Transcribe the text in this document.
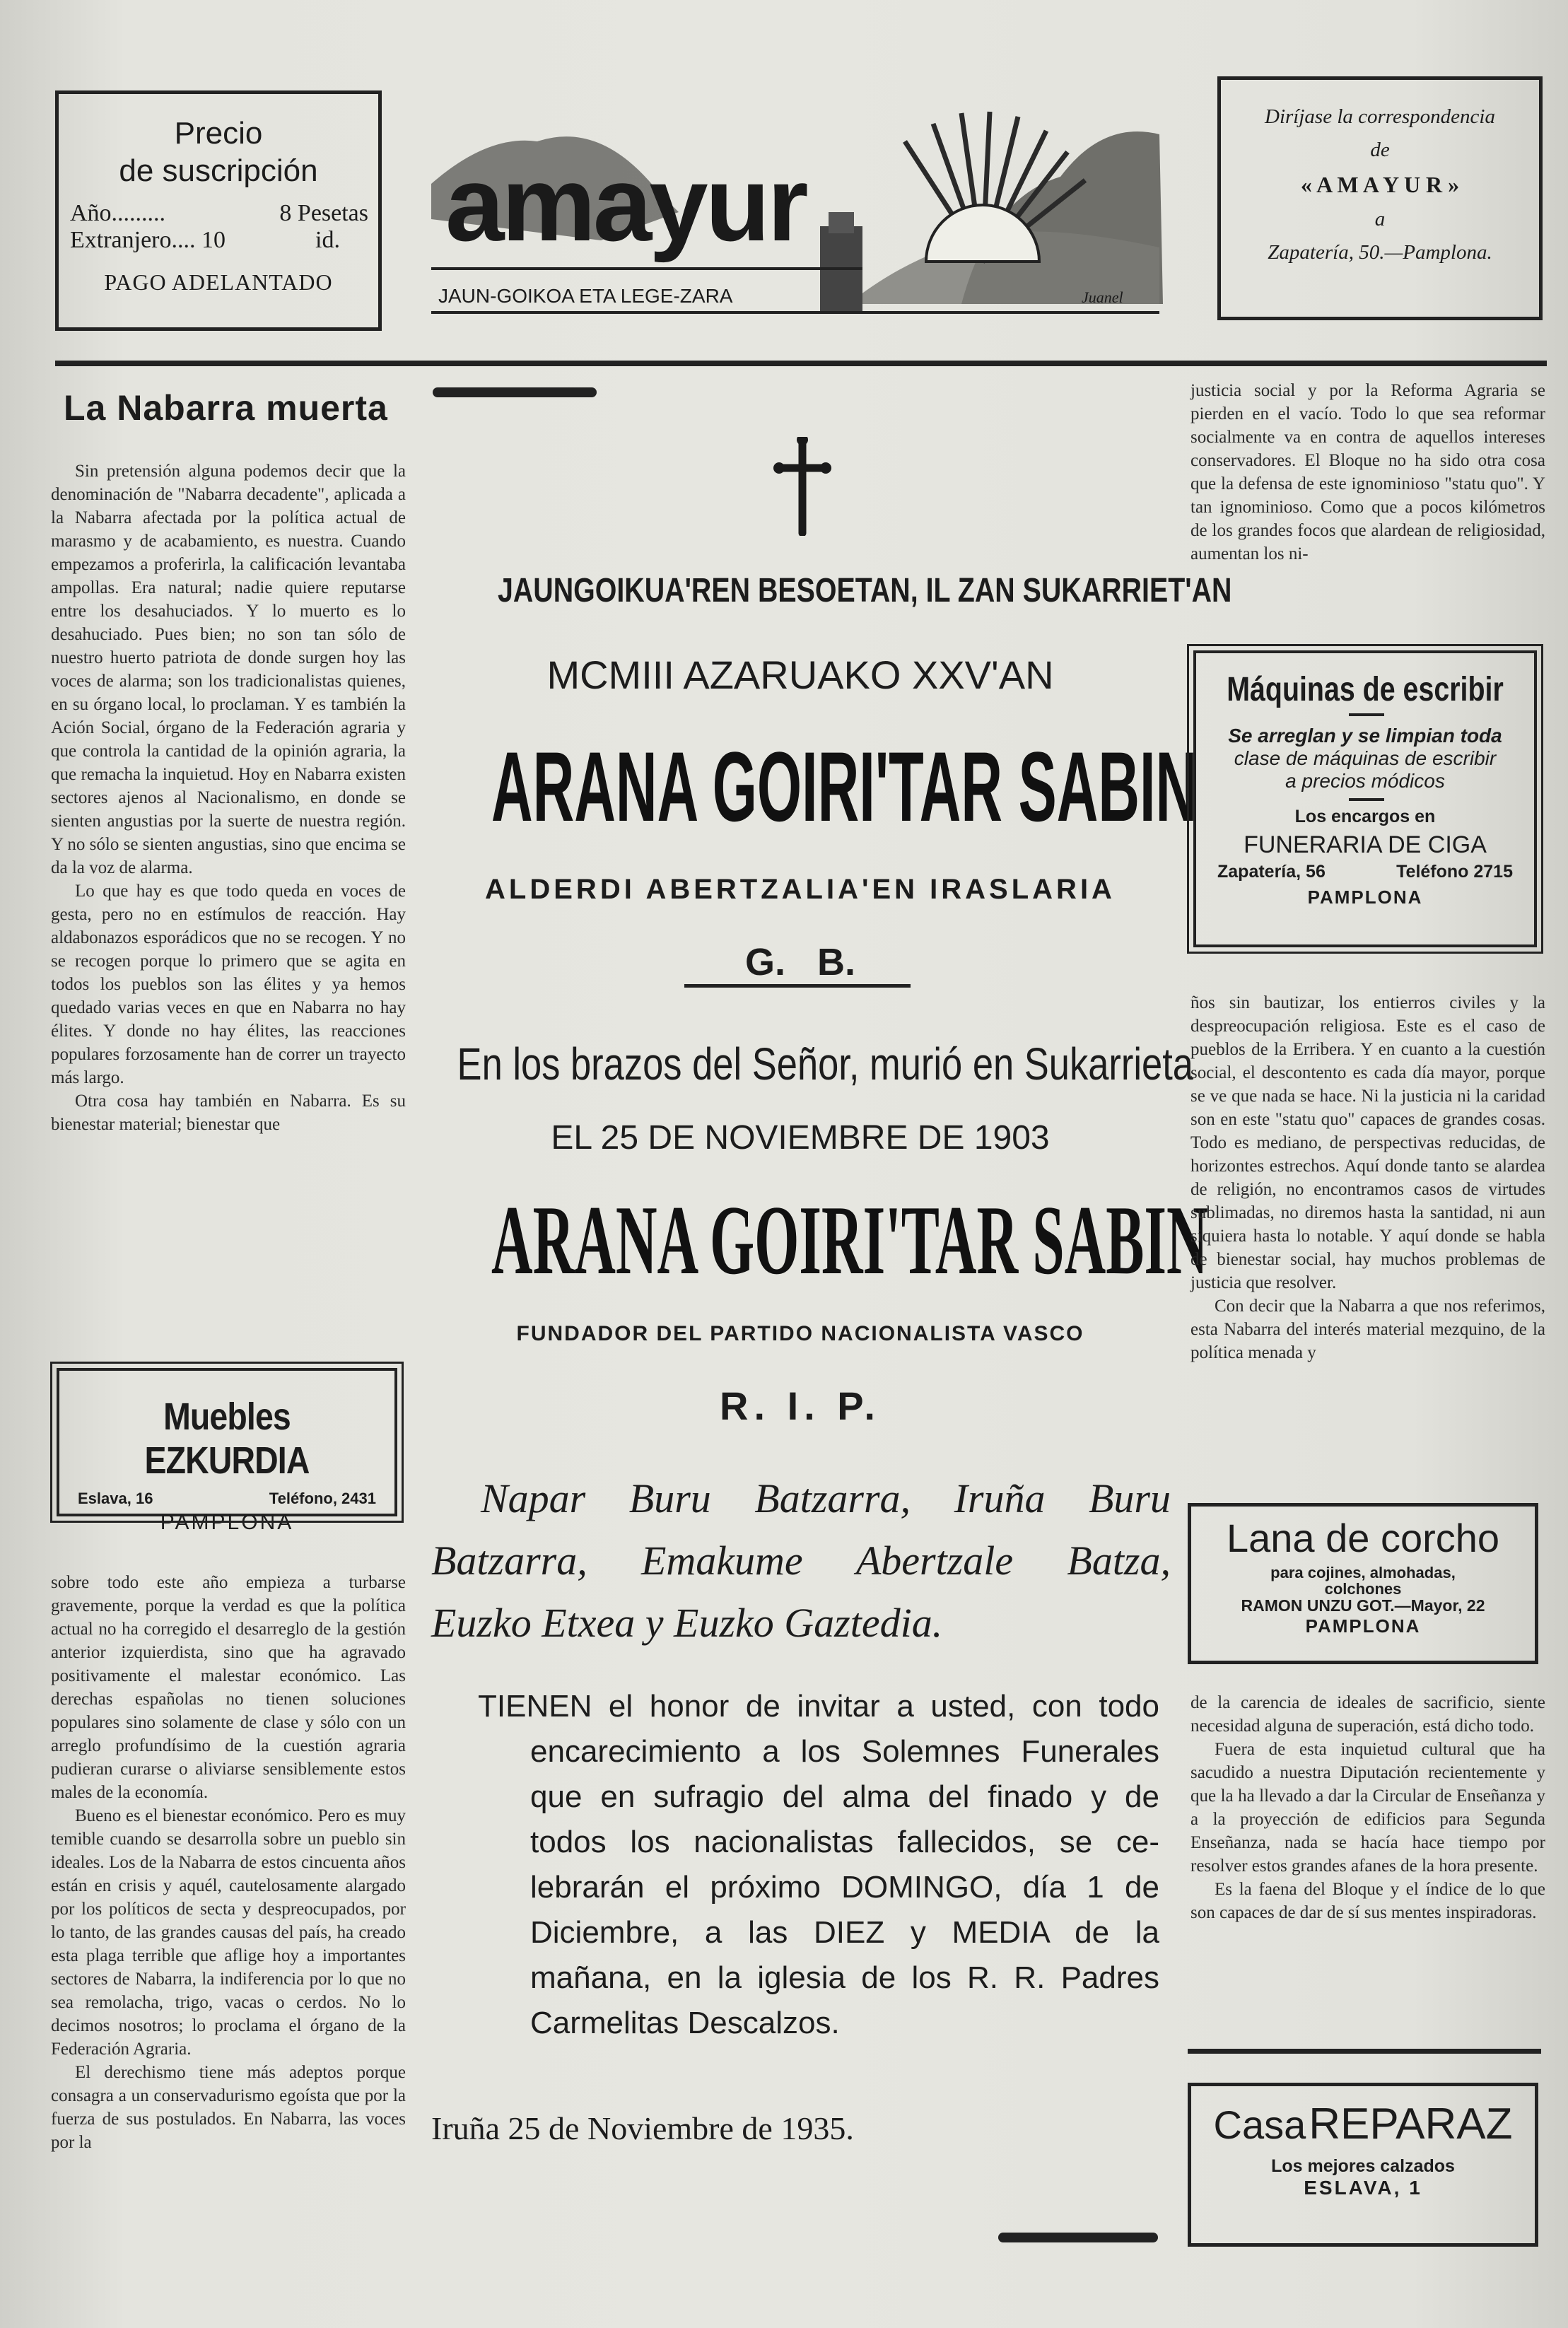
Precio
de suscripción
Año.........	8 Pesetas
Extranjero.... 10	id.
PAGO ADELANTADO
amayur
JAUN-GOIKOA ETA LEGE-ZARA	Juanel
Diríjase la correspondencia
de
« A M A Y U R »
a
Zapatería, 50.—Pamplona.
La Nabarra muerta

Sin pretensión alguna podemos decir que la denominación de "Nabarra decadente", aplicada a la Nabarra afectada por la política actual de marasmo y de acabamiento, es nuestra. Cuando empezamos a proferirla, la calificación levantaba ampollas. Era natural; nadie quiere reputarse entre los desahuciados. Y lo muerto es lo desahuciado. Pues bien; no son tan sólo de nuestro huerto patriota de donde surgen hoy las voces de alarma; son los tradicionalistas quienes, en su órgano local, lo proclaman. Y es también la Ación Social, órgano de la Federación agraria y que controla la cantidad de la opinión agraria, la que remacha la inquietud. Hoy en Nabarra existen sectores ajenos al Nacionalismo, en donde se sienten angustias por la suerte de nuestra región. Y no sólo se sienten angustias, sino que encima se da la voz de alarma.

Lo que hay es que todo queda en voces de gesta, pero no en estímulos de reacción. Hay aldabonazos esporádicos que no se recogen. Y no se recogen porque lo primero que se agita en todos los pueblos son las élites y ya hemos quedado varias veces en que en Nabarra no hay élites. Y donde no hay élites, las reacciones populares forzosamente han de correr un trayecto más largo.

Otra cosa hay también en Nabarra. Es su bienestar material; bienestar que

Muebles EZKURDIA
Eslava, 16	Teléfono, 2431
PAMPLONA

sobre todo este año empieza a turbarse gravemente, porque la verdad es que la política actual no ha corregido el desarreglo de la gestión anterior izquierdista, sino que ha agravado positivamente el malestar económico. Las derechas españolas no tienen soluciones populares sino solamente de clase y sólo con un arreglo profundísimo de la cuestión agraria pudieran curarse o aliviarse sensiblemente estos males de la economía.

Bueno es el bienestar económico. Pero es muy temible cuando se desarrolla sobre un pueblo sin ideales. Los de la Nabarra de estos cincuenta años están en crisis y aquél, cautelosamente alargado por los políticos de secta y despreocupados, por lo tanto, de las grandes causas del país, ha creado esta plaga terrible que aflige hoy a importantes sectores de Nabarra, la indiferencia por lo que no sea remolacha, trigo, vacas o cerdos. No lo decimos nosotros; lo proclama el órgano de la Federación Agraria.

El derechismo tiene más adeptos porque consagra a un conservadurismo egoísta que por la fuerza de sus postulados. En Nabarra, las voces por la

JAUNGOIKUA'REN BESOETAN, IL ZAN SUKARRIET'AN
MCMIII AZARUAKO XXV'AN
ARANA GOIRI'TAR SABIN
ALDERDI ABERTZALIA'EN IRASLARIA
G.   B.
En los brazos del Señor, murió en Sukarrieta
EL 25 DE NOVIEMBRE DE 1903
ARANA GOIRI'TAR SABIN
FUNDADOR DEL PARTIDO NACIONALISTA VASCO
R. I. P.
Napar Buru Batzarra, Iruña Buru
Batzarra, Emakume Abertzale Batza,
Euzko Etxea y Euzko Gaztedia.
TIENEN el honor de invitar a usted, con todo
encarecimiento a los Solemnes Funerales
que en sufragio del alma del finado y de
todos los nacionalistas fallecidos, se ce-
lebrarán el próximo DOMINGO, día 1 de
Diciembre, a las DIEZ y MEDIA de la
mañana, en la iglesia de los R. R. Padres
Carmelitas Descalzos.
Iruña 25 de Noviembre de 1935.

justicia social y por la Reforma Agraria se pierden en el vacío. Todo lo que sea reformar socialmente va en contra de aquellos intereses conservadores. El Bloque no ha sido otra cosa que la defensa de este ignominioso "statu quo". Y tan ignominioso. Como que a pocos kilómetros de los grandes focos que alardean de religiosidad, aumentan los ni-

Máquinas de escribir
Se arreglan y se limpian toda
clase de máquinas de escribir
a precios módicos
Los encargos en
FUNERARIA DE CIGA
Zapatería, 56	Teléfono 2715
PAMPLONA

ños sin bautizar, los entierros civiles y la despreocupación religiosa. Este es el caso de pueblos de la Erribera. Y en cuanto a la cuestión social, el descontento es cada día mayor, porque se ve que nada se hace. Ni la justicia ni la caridad son en este "statu quo" capaces de grandes cosas. Todo es mediano, de perspectivas reducidas, de horizontes estrechos. Aquí donde tanto se alardea de religión, no encontramos casos de virtudes sublimadas, no diremos hasta la santidad, ni aun siquiera hasta lo notable. Y aquí donde se habla de bienestar social, hay muchos problemas de justicia que resolver.

Con decir que la Nabarra a que nos referimos, esta Nabarra del interés material mezquino, de la política menada y

Lana de corcho
para cojines, almohadas,
colchones
RAMON UNZU GOT.—Mayor, 22
PAMPLONA

de la carencia de ideales de sacrificio, siente necesidad alguna de superación, está dicho todo.

Fuera de esta inquietud cultural que ha sacudido a nuestra Diputación recientemente y que la ha llevado a dar la Circular de Enseñanza y a la proyección de edificios para Segunda Enseñanza, nada se hacía hace tiempo por resolver estos grandes afanes de la hora presente.

Es la faena del Bloque y el índice de lo que son capaces de dar de sí sus mentes inspiradoras.

Casa REPARAZ
Los mejores calzados
ESLAVA, 1
